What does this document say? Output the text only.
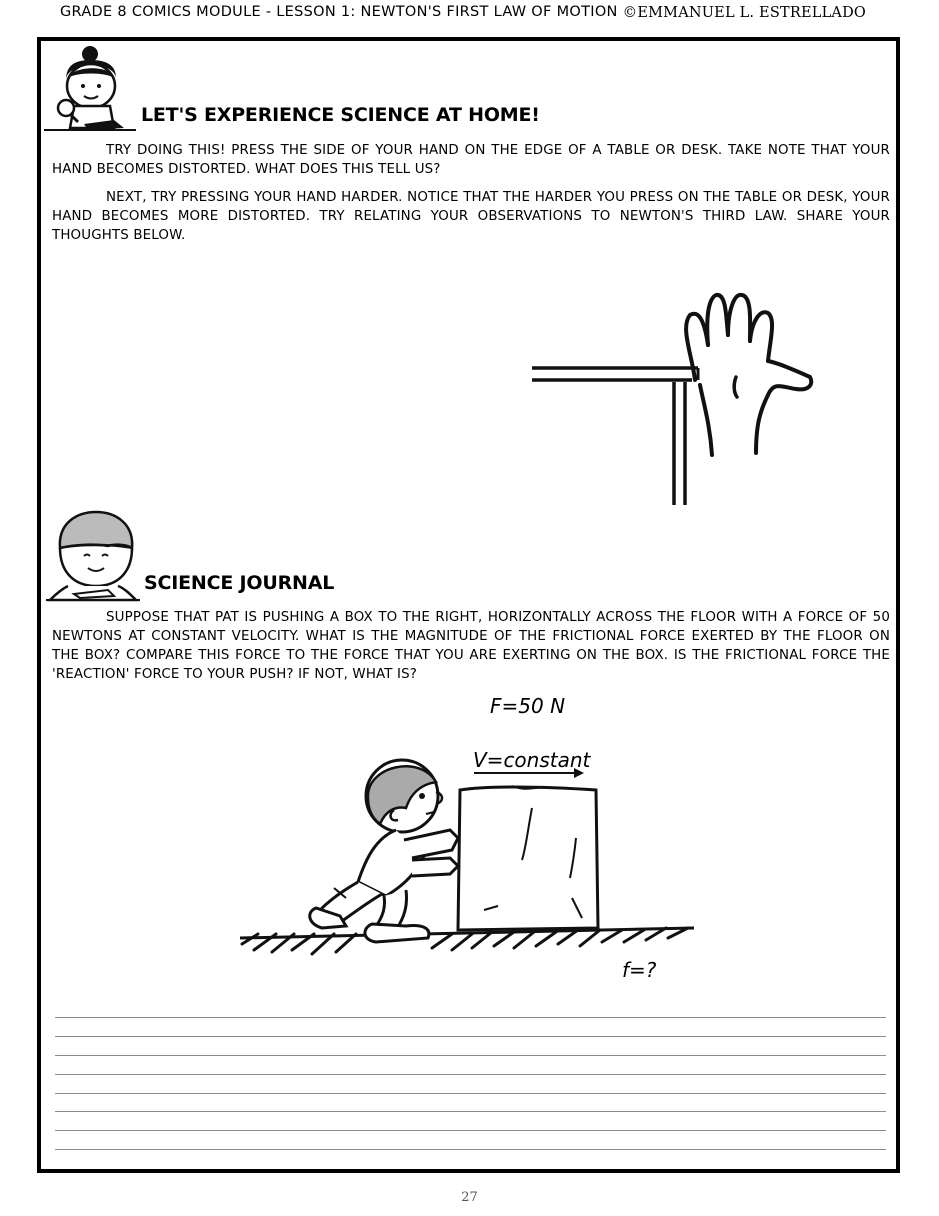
GRADE 8 COMICS MODULE - LESSON 1: NEWTON'S FIRST LAW OF MOTION ©EMMANUEL L. ESTRELLADO
LET'S EXPERIENCE SCIENCE AT HOME!
TRY DOING THIS! PRESS THE SIDE OF YOUR HAND ON THE EDGE OF A TABLE OR DESK. TAKE NOTE THAT YOUR HAND BECOMES DISTORTED. WHAT DOES THIS TELL US?
NEXT, TRY PRESSING YOUR HAND HARDER. NOTICE THAT THE HARDER YOU PRESS ON THE TABLE OR DESK, YOUR HAND BECOMES MORE DISTORTED. TRY RELATING YOUR OBSERVATIONS TO NEWTON'S THIRD LAW. SHARE YOUR THOUGHTS BELOW.
SCIENCE JOURNAL
SUPPOSE THAT PAT IS PUSHING A BOX TO THE RIGHT, HORIZONTALLY ACROSS THE FLOOR WITH A FORCE OF 50 NEWTONS AT CONSTANT VELOCITY. WHAT IS THE MAGNITUDE OF THE FRICTIONAL FORCE EXERTED BY THE FLOOR ON THE BOX? COMPARE THIS FORCE TO THE FORCE THAT YOU ARE EXERTING ON THE BOX. IS THE FRICTIONAL FORCE THE 'REACTION' FORCE TO YOUR PUSH? IF NOT, WHAT IS?
F=50 N
V=constant
f=?
27
